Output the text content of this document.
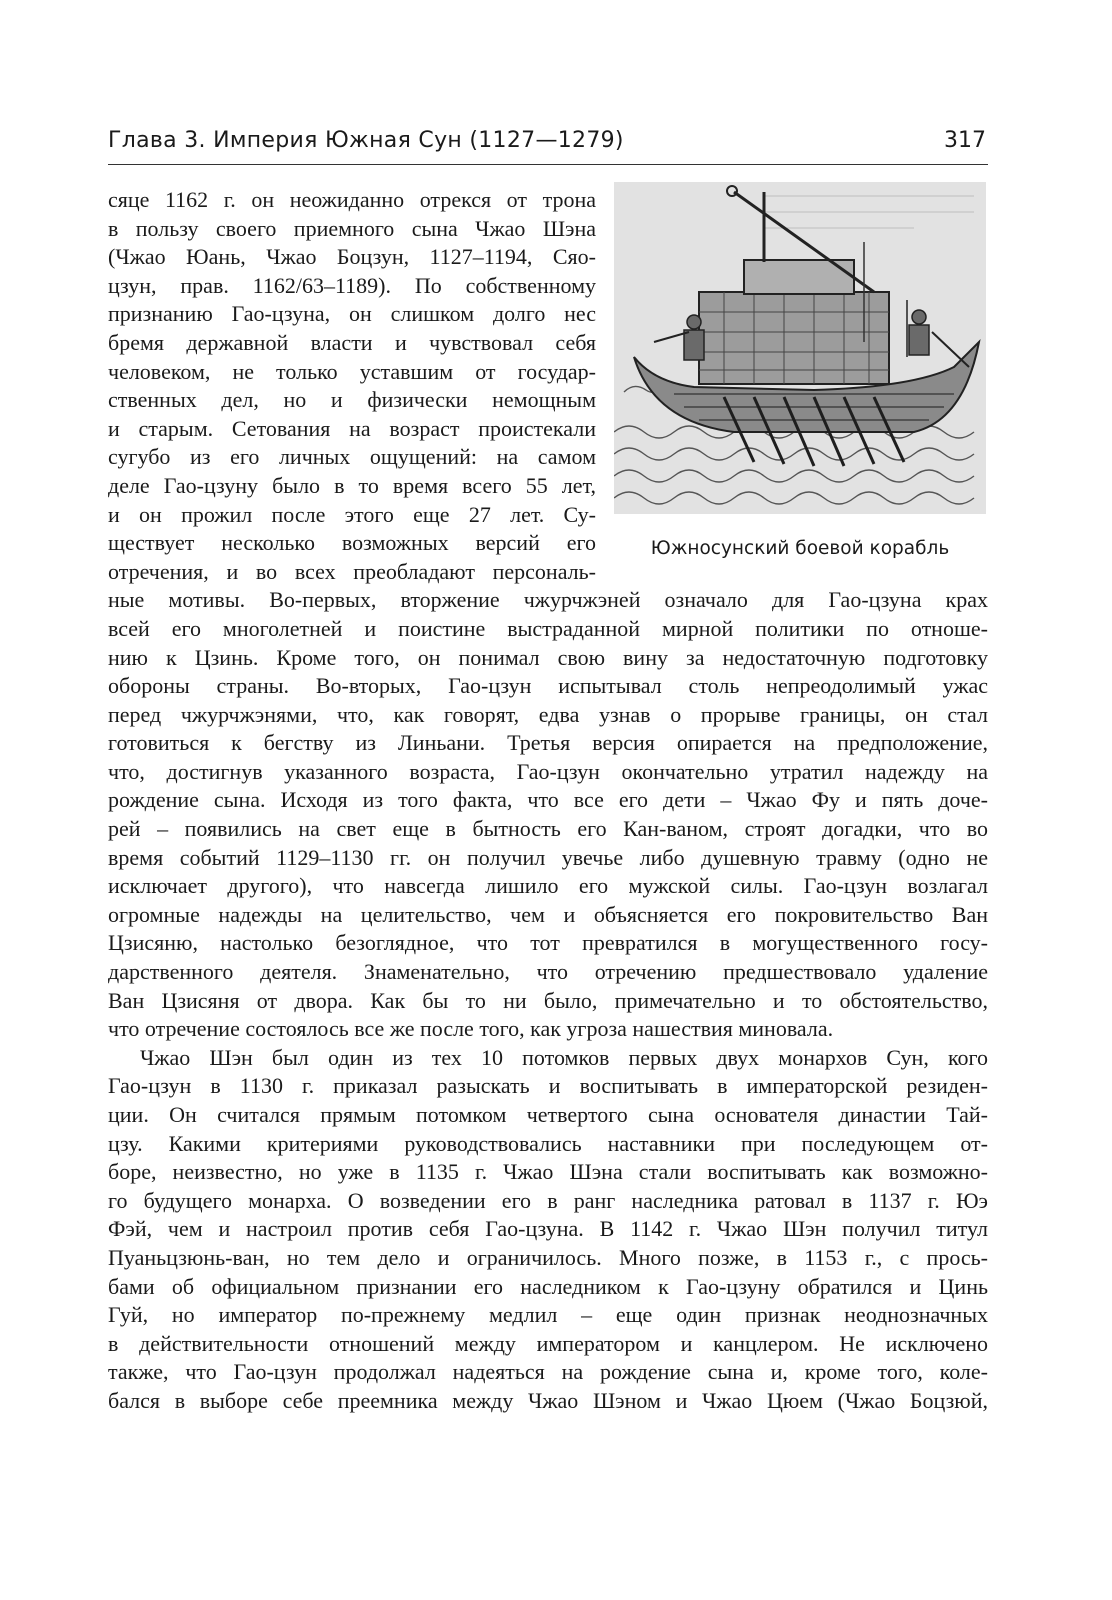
Глава 3. Империя Южная Сун (1127—1279)	317
Южносунский боевой корабль
сяце 1162 г. он неожиданно отрекся от трона
в пользу своего приемного сына Чжао Шэна
(Чжао Юань, Чжао Боцзун, 1127–1194, Сяо-
цзун, прав. 1162/63–1189). По собственному
признанию Гао-цзуна, он слишком долго нес
бремя державной власти и чувствовал себя
человеком, не только уставшим от государ-
ственных дел, но и физически немощным
и старым. Сетования на возраст проистекали
сугубо из его личных ощущений: на самом
деле Гао-цзуну было в то время всего 55 лет,
и он прожил после этого еще 27 лет. Су-
ществует несколько возможных версий его
отречения, и во всех преобладают персональ-
ные мотивы. Во-первых, вторжение чжурчжэней означало для Гао-цзуна крах
всей его многолетней и поистине выстраданной мирной политики по отноше-
нию к Цзинь. Кроме того, он понимал свою вину за недостаточную подготовку
обороны страны. Во-вторых, Гао-цзун испытывал столь непреодолимый ужас
перед чжурчжэнями, что, как говорят, едва узнав о прорыве границы, он стал
готовиться к бегству из Линьани. Третья версия опирается на предположение,
что, достигнув указанного возраста, Гао-цзун окончательно утратил надежду на
рождение сына. Исходя из того факта, что все его дети – Чжао Фу и пять доче-
рей – появились на свет еще в бытность его Кан-ваном, строят догадки, что во
время событий 1129–1130 гг. он получил увечье либо душевную травму (одно не
исключает другого), что навсегда лишило его мужской силы. Гао-цзун возлагал
огромные надежды на целительство, чем и объясняется его покровительство Ван
Цзисяню, настолько безоглядное, что тот превратился в могущественного госу-
дарственного деятеля. Знаменательно, что отречению предшествовало удаление
Ван Цзисяня от двора. Как бы то ни было, примечательно и то обстоятельство,
что отречение состоялось все же после того, как угроза нашествия миновала.
Чжао Шэн был один из тех 10 потомков первых двух монархов Сун, кого
Гао-цзун в 1130 г. приказал разыскать и воспитывать в императорской резиден-
ции. Он считался прямым потомком четвертого сына основателя династии Тай-
цзу. Какими критериями руководствовались наставники при последующем от-
боре, неизвестно, но уже в 1135 г. Чжао Шэна стали воспитывать как возможно-
го будущего монарха. О возведении его в ранг наследника ратовал в 1137 г. Юэ
Фэй, чем и настроил против себя Гао-цзуна. В 1142 г. Чжао Шэн получил титул
Пуаньцзюнь-ван, но тем дело и ограничилось. Много позже, в 1153 г., с прось-
бами об официальном признании его наследником к Гао-цзуну обратился и Цинь
Гуй, но император по-прежнему медлил – еще один признак неоднозначных
в действительности отношений между императором и канцлером. Не исключено
также, что Гао-цзун продолжал надеяться на рождение сына и, кроме того, коле-
бался в выборе себе преемника между Чжао Шэном и Чжао Цюем (Чжао Боцзюй,
